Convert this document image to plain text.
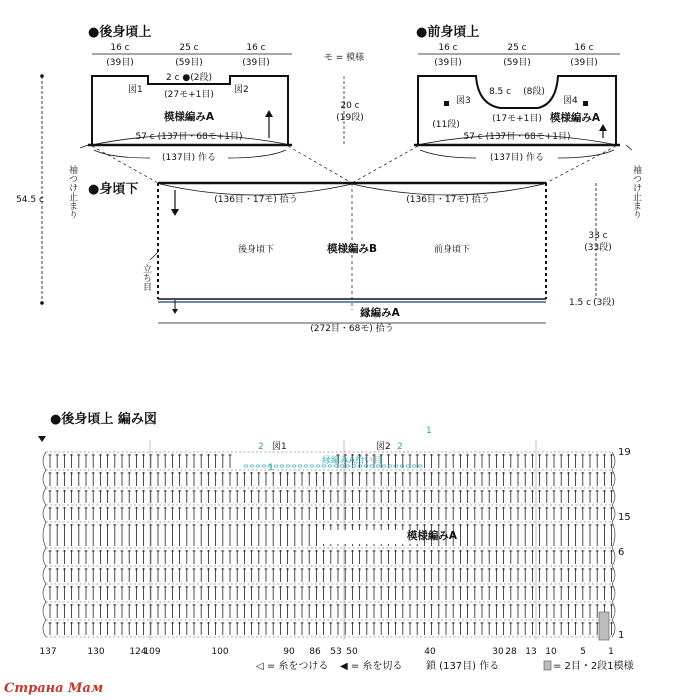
●後身頃上
16 c	25 c	16 c
(39目)	(59目)	(39目)
2 c ●(2段)
(27モ+1目)
図1	図2
模様編みA
57 c (137目・68モ+1目)
(137目) 作る
モ = 模様
20 c
(19段)
●前身頃上
16 c	25 c	16 c
(39目)	(59目)	(39目)
8.5 c (8段)
(17モ+1目)
図3	図4
(11段)
模様編みA
57 c (137目・68モ+1目)
(137目) 作る
袖つけ止まり	袖つけ止まり
54.5 c
●身頃下
(136目・17モ) 拾う	(136目・17モ) 拾う
後身頃下	模様編みB	前身頃下
立ち目
33 c
(33段)
1.5 c (3段)
縁編みA
(272目・68モ) 拾う
●後身頃上 編み図
図1	図2
縁編みA拾い目
2
1
2
1
模様編みA
19
15
6
1
137	130	124
109	100	90 86 53 50	40	30 28 13 10	5 1
鎖 (137目) 作る
◁ = 糸をつける ◀ = 糸を切る	= 2目・2段1模様
Страна Мам
